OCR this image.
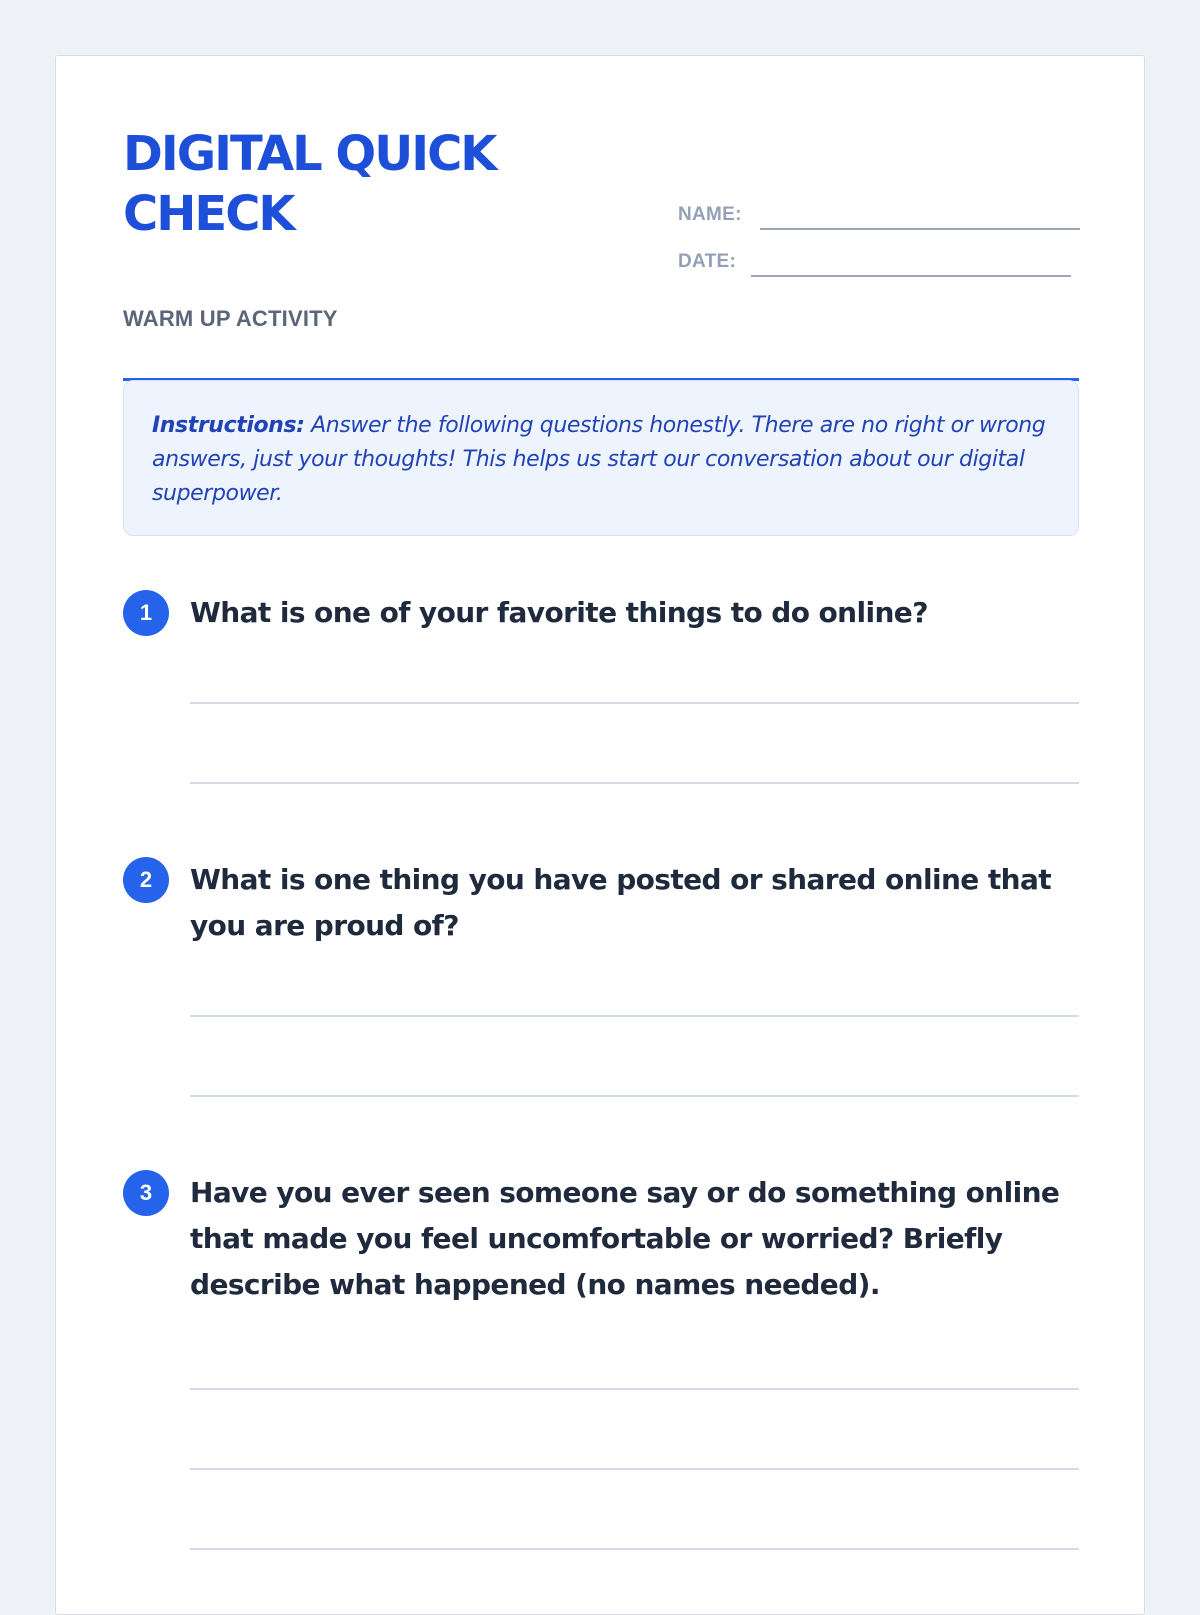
DIGITAL QUICK CHECK
WARM UP ACTIVITY
NAME:
DATE:
Instructions: Answer the following questions honestly. There are no right or wrong answers, just your thoughts! This helps us start our conversation about our digital superpower.
1	What is one of your favorite things to do online?

2	What is one thing you have posted or shared online that you are proud of?

3	Have you ever seen someone say or do something online that made you feel uncomfortable or worried? Briefly describe what happened (no names needed).
